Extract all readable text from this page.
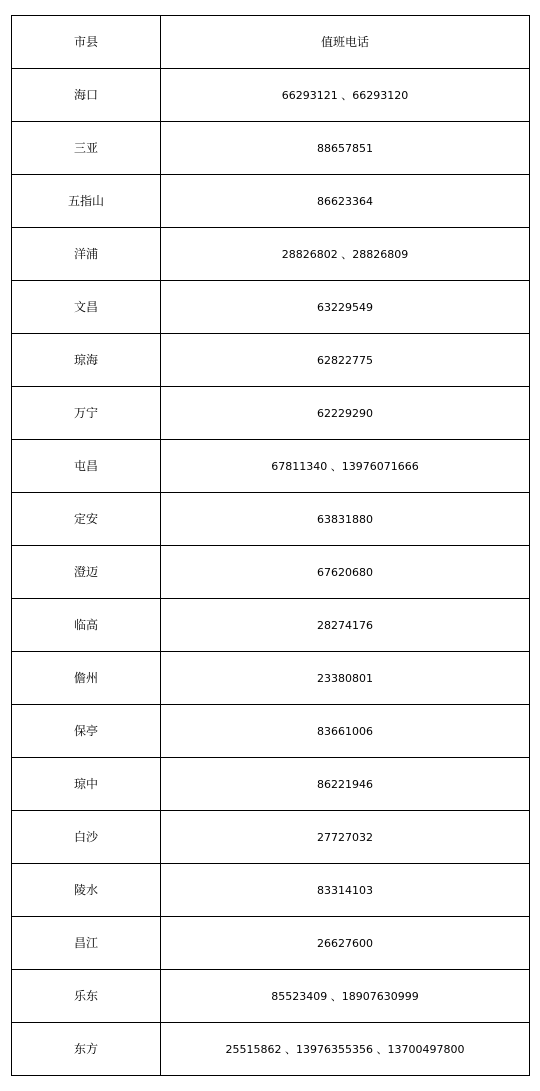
市县	值班电话
海口	66293121 、66293120
三亚	88657851
五指山	86623364
洋浦	28826802 、28826809
文昌	63229549
琼海	62822775
万宁	62229290
屯昌	67811340 、13976071666
定安	63831880
澄迈	67620680
临高	28274176
儋州	23380801
保亭	83661006
琼中	86221946
白沙	27727032
陵水	83314103
昌江	26627600
乐东	85523409 、18907630999
东方	25515862 、13976355356 、13700497800
